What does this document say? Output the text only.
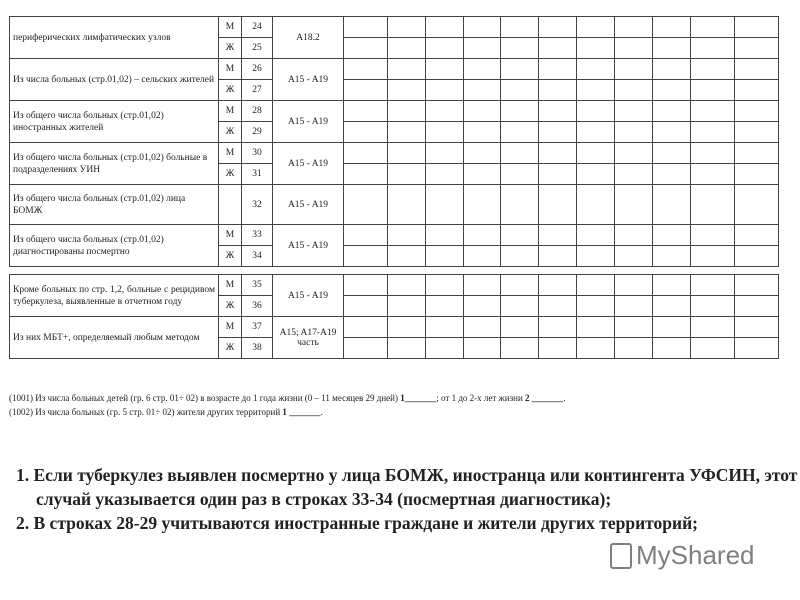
периферических лимфатических узлов	М	24	A18.2											
	Ж	25												
Из числа больных (стр.01,02) – сельских жителей	М	26	A15 - A19											
	Ж	27												
Из общего числа больных (стр.01,02) иностранных жителей	М	28	A15 - A19											
	Ж	29												
Из общего числа больных (стр.01,02) больные в подразделениях УИН	М	30	A15 - A19											
	Ж	31												
Из общего числа больных (стр.01,02) лица БОМЖ		32	A15 - A19											
Из общего числа больных (стр.01,02) диагностированы посмертно	М	33	A15 - A19											
	Ж	34												
Кроме больных по стр. 1,2, больные с рецидивом туберкулеза, выявленные в отчетном году	М	35	A15 - A19											
	Ж	36												
Из них МБТ+, определяемый любым методом	М	37	A15; A17-A19 часть											
	Ж	38												
(1001) Из числа больных детей (гр. 6 стр. 01÷ 02) в возрасте до 1 года жизни (0 – 11 месяцев 29 дней) 1_______; от 1 до 2-х лет жизни 2 _______.
(1002) Из числа больных (гр. 5 стр. 01÷ 02) жители других территорий 1 _______.
1. Если туберкулез выявлен посмертно у лица БОМЖ, иностранца или контингента УФСИН, этот случай указывается один раз в строках 33-34 (посмертная диагностика);
2. В строках 28-29 учитываются иностранные граждане и жители других территорий;
MyShared
